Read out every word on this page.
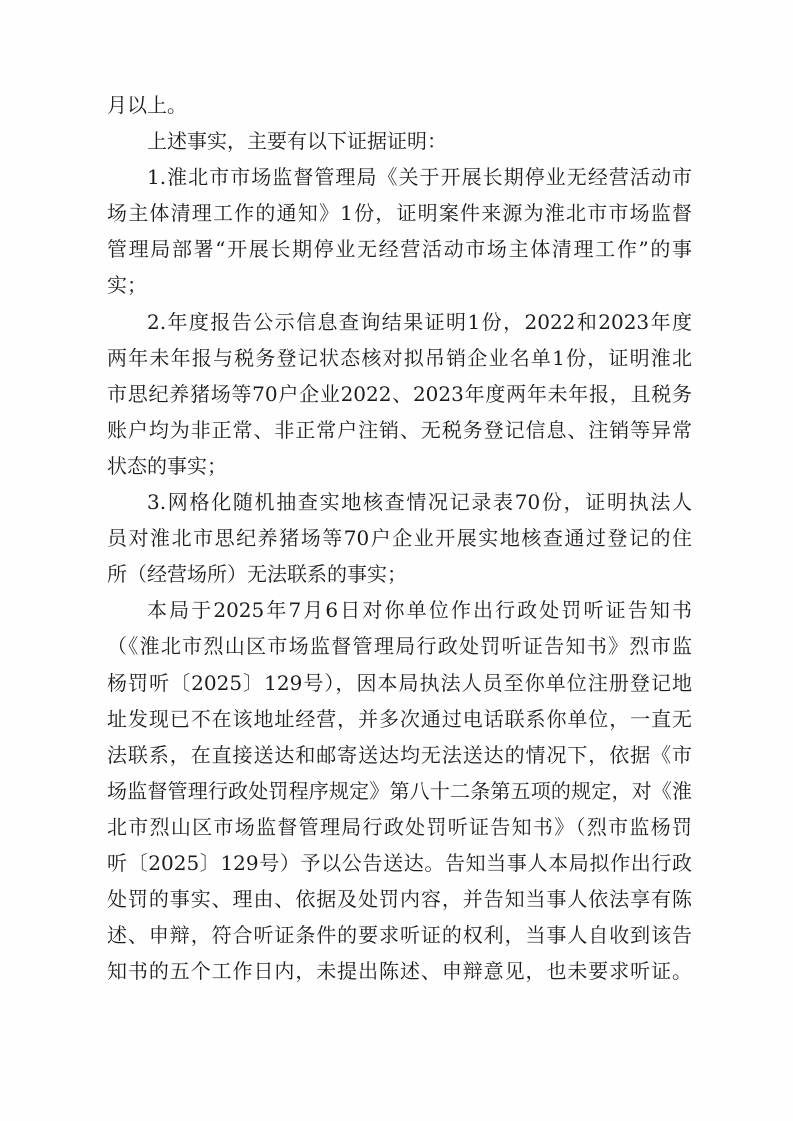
月以上。
上述事实，主要有以下证据证明：
1.淮北市市场监督管理局《关于开展长期停业无经营活动市
场主体清理工作的通知》1份，证明案件来源为淮北市市场监督
管理局部署“开展长期停业无经营活动市场主体清理工作”的事
实；
2.年度报告公示信息查询结果证明1份，2022和2023年度
两年未年报与税务登记状态核对拟吊销企业名单1份，证明淮北
市思纪养猪场等70户企业2022、2023年度两年未年报，且税务
账户均为非正常、非正常户注销、无税务登记信息、注销等异常
状态的事实；
3.网格化随机抽查实地核查情况记录表70份，证明执法人
员对淮北市思纪养猪场等70户企业开展实地核查通过登记的住
所（经营场所）无法联系的事实；
本局于2025年7月6日对你单位作出行政处罚听证告知书
（《淮北市烈山区市场监督管理局行政处罚听证告知书》烈市监
杨罚听〔2025〕129号），因本局执法人员至你单位注册登记地
址发现已不在该地址经营，并多次通过电话联系你单位，一直无
法联系，在直接送达和邮寄送达均无法送达的情况下，依据《市
场监督管理行政处罚程序规定》第八十二条第五项的规定，对《淮
北市烈山区市场监督管理局行政处罚听证告知书》（烈市监杨罚
听〔2025〕129号）予以公告送达。告知当事人本局拟作出行政
处罚的事实、理由、依据及处罚内容，并告知当事人依法享有陈
述、申辩，符合听证条件的要求听证的权利，当事人自收到该告
知书的五个工作日内，未提出陈述、申辩意见，也未要求听证。
